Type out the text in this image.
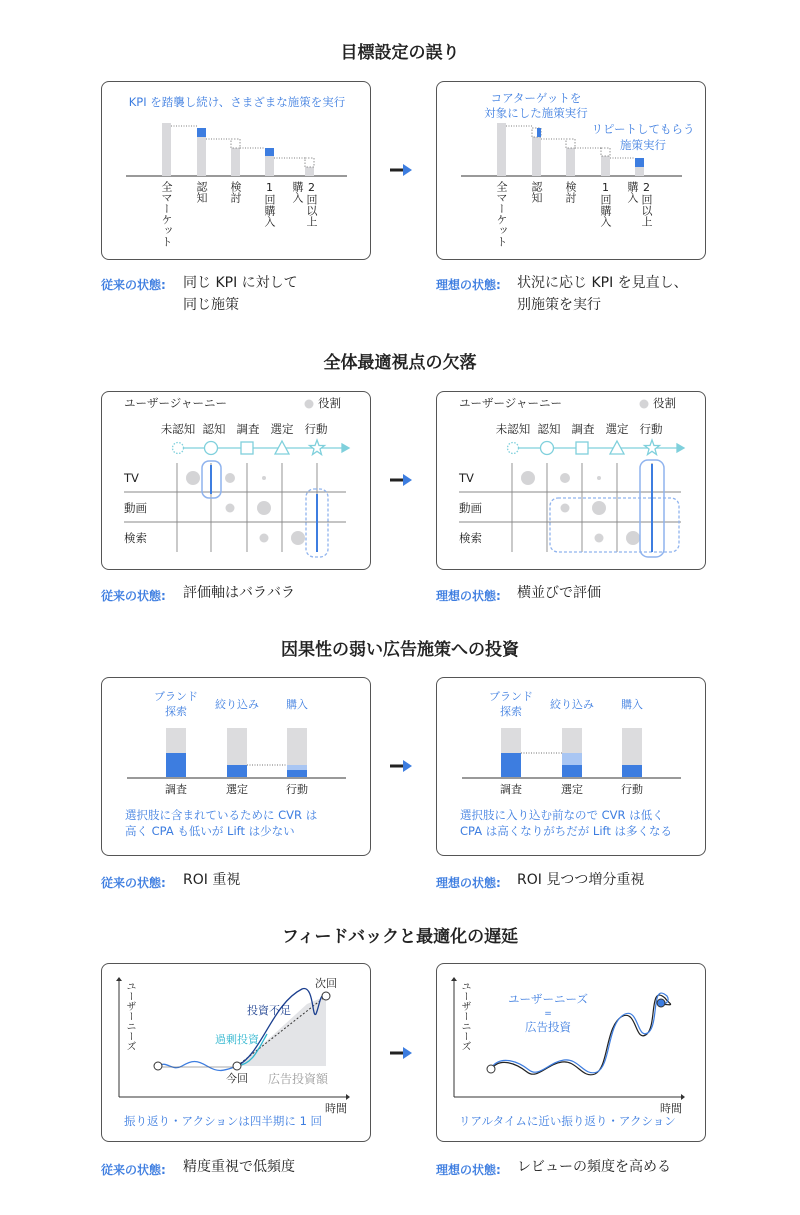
目標設定の誤り
KPI を踏襲し続け、さまざまな施策を実行
全マーケット 認知 検討 1回購入 購入 2回以上
コアターゲットを
対象にした施策実行
リピートしてもらう
施策実行
全マーケット 認知 検討 1回購入 購入 2回以上
従来の状態: 同じ KPI に対して
同じ施策
理想の状態: 状況に応じ KPI を見直し、
別施策を実行
全体最適視点の欠落
ユーザージャーニー	役割
未認知 認知 調査 選定 行動
TV
動画
検索
ユーザージャーニー	役割
未認知 認知 調査 選定 行動
TV
動画
検索
従来の状態: 評価軸はバラバラ	理想の状態: 横並びで評価
因果性の弱い広告施策への投資
ブランド
探索
絞り込み 購入
調査	選定	行動
選択肢に含まれているために CVR は
高く CPA も低いが Lift は少ない
ブランド
探索
絞り込み 購入
調査	選定	行動
選択肢に入り込む前なので CVR は低く
CPA は高くなりがちだが Lift は多くなる
従来の状態: ROI 重視	理想の状態: ROI 見つつ増分重視
フィードバックと最適化の遅延
ユーザーニーズ
時間
投資不足
過剰投資
今回
次回
広告投資額
振り返り・アクションは四半期に 1 回
ユーザーニーズ
時間
ユーザーニーズ
=
広告投資
リアルタイムに近い振り返り・アクション
従来の状態: 精度重視で低頻度	理想の状態: レビューの頻度を高める
